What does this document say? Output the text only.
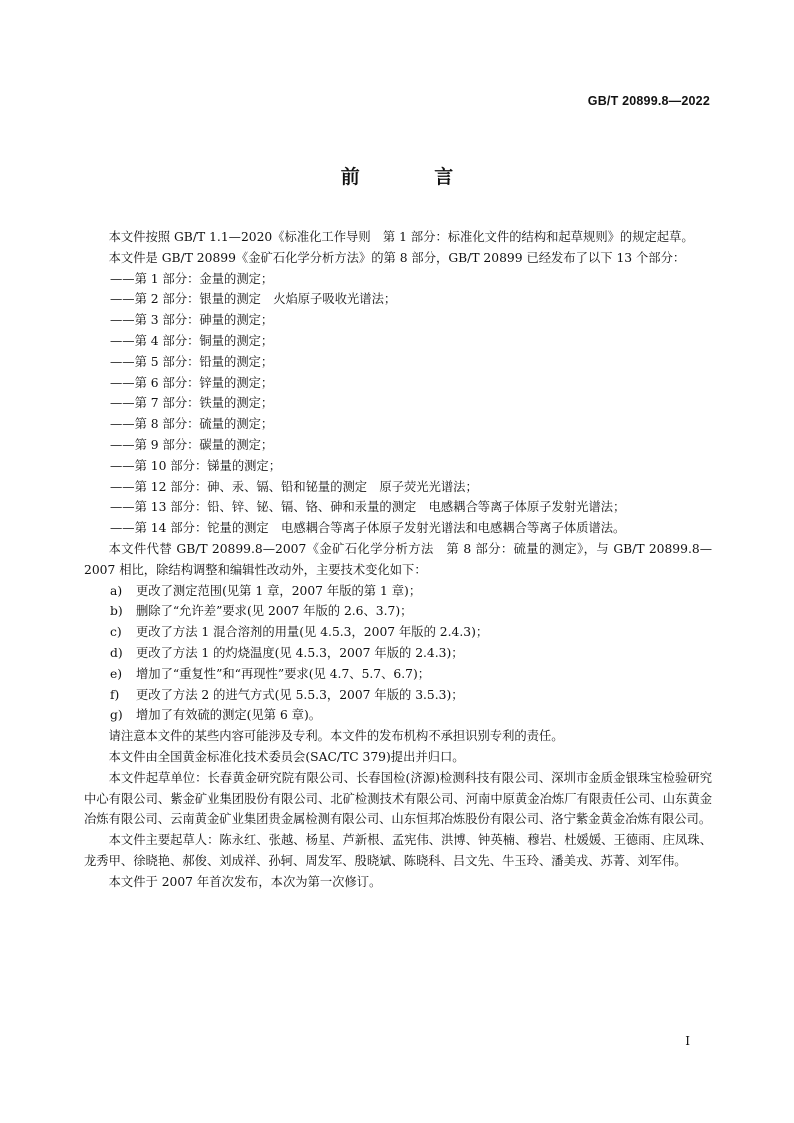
GB/T 20899.8—2022
前 言

本文件按照 GB/T 1.1—2020《标准化工作导则　第 1 部分：标准化文件的结构和起草规则》的规定起草。

本文件是 GB/T 20899《金矿石化学分析方法》的第 8 部分，GB/T 20899 已经发布了以下 13 个部分：

——第 1 部分：金量的测定；

——第 2 部分：银量的测定　火焰原子吸收光谱法；

——第 3 部分：砷量的测定；

——第 4 部分：铜量的测定；

——第 5 部分：铅量的测定；

——第 6 部分：锌量的测定；

——第 7 部分：铁量的测定；

——第 8 部分：硫量的测定；

——第 9 部分：碳量的测定；

——第 10 部分：锑量的测定；

——第 12 部分：砷、汞、镉、铅和铋量的测定　原子荧光光谱法；

——第 13 部分：铅、锌、铋、镉、铬、砷和汞量的测定　电感耦合等离子体原子发射光谱法；

——第 14 部分：铊量的测定　电感耦合等离子体原子发射光谱法和电感耦合等离子体质谱法。

本文件代替 GB/T 20899.8—2007《金矿石化学分析方法　第 8 部分：硫量的测定》，与 GB/T 20899.8—2007 相比，除结构调整和编辑性改动外，主要技术变化如下：

a) 更改了测定范围(见第 1 章，2007 年版的第 1 章)；

b) 删除了“允许差”要求(见 2007 年版的 2.6、3.7)；

c) 更改了方法 1 混合溶剂的用量(见 4.5.3，2007 年版的 2.4.3)；

d) 更改了方法 1 的灼烧温度(见 4.5.3，2007 年版的 2.4.3)；

e) 增加了“重复性”和“再现性”要求(见 4.7、5.7、6.7)；

f) 更改了方法 2 的进气方式(见 5.5.3，2007 年版的 3.5.3)；

g) 增加了有效硫的测定(见第 6 章)。

请注意本文件的某些内容可能涉及专利。本文件的发布机构不承担识别专利的责任。

本文件由全国黄金标准化技术委员会(SAC/TC 379)提出并归口。

本文件起草单位：长春黄金研究院有限公司、长春国检(济源)检测科技有限公司、深圳市金质金银珠宝检验研究中心有限公司、紫金矿业集团股份有限公司、北矿检测技术有限公司、河南中原黄金冶炼厂有限责任公司、山东黄金冶炼有限公司、云南黄金矿业集团贵金属检测有限公司、山东恒邦冶炼股份有限公司、洛宁紫金黄金冶炼有限公司。

本文件主要起草人：陈永红、张越、杨星、芦新根、孟宪伟、洪博、钟英楠、穆岩、杜媛媛、王德雨、庄凤珠、龙秀甲、徐晓艳、郝俊、刘成祥、孙轲、周发军、殷晓斌、陈晓科、吕文先、牛玉玲、潘美戎、苏菁、刘军伟。

本文件于 2007 年首次发布，本次为第一次修订。

I
